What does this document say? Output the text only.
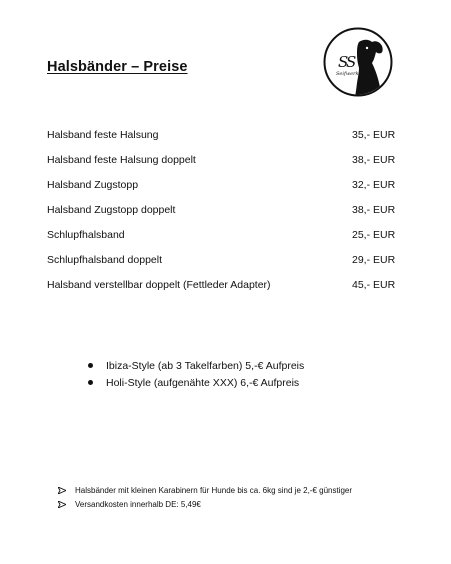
Halsbänder – Preise	Seifwerk
S​S
Halsband feste Halsung	35,- EUR
Halsband feste Halsung doppelt	38,- EUR
Halsband Zugstopp	32,- EUR
Halsband Zugstopp doppelt	38,- EUR
Schlupfhalsband	25,- EUR
Schlupfhalsband doppelt	29,- EUR
Halsband verstellbar doppelt (Fettleder Adapter)	45,- EUR
Ibiza-Style (ab 3 Takelfarben) 5,-€ Aufpreis
Holi-Style (aufgenähte XXX) 6,-€ Aufpreis
Halsbänder mit kleinen Karabinern für Hunde bis ca. 6kg sind je 2,-€ günstiger
Versandkosten innerhalb DE: 5,49€
